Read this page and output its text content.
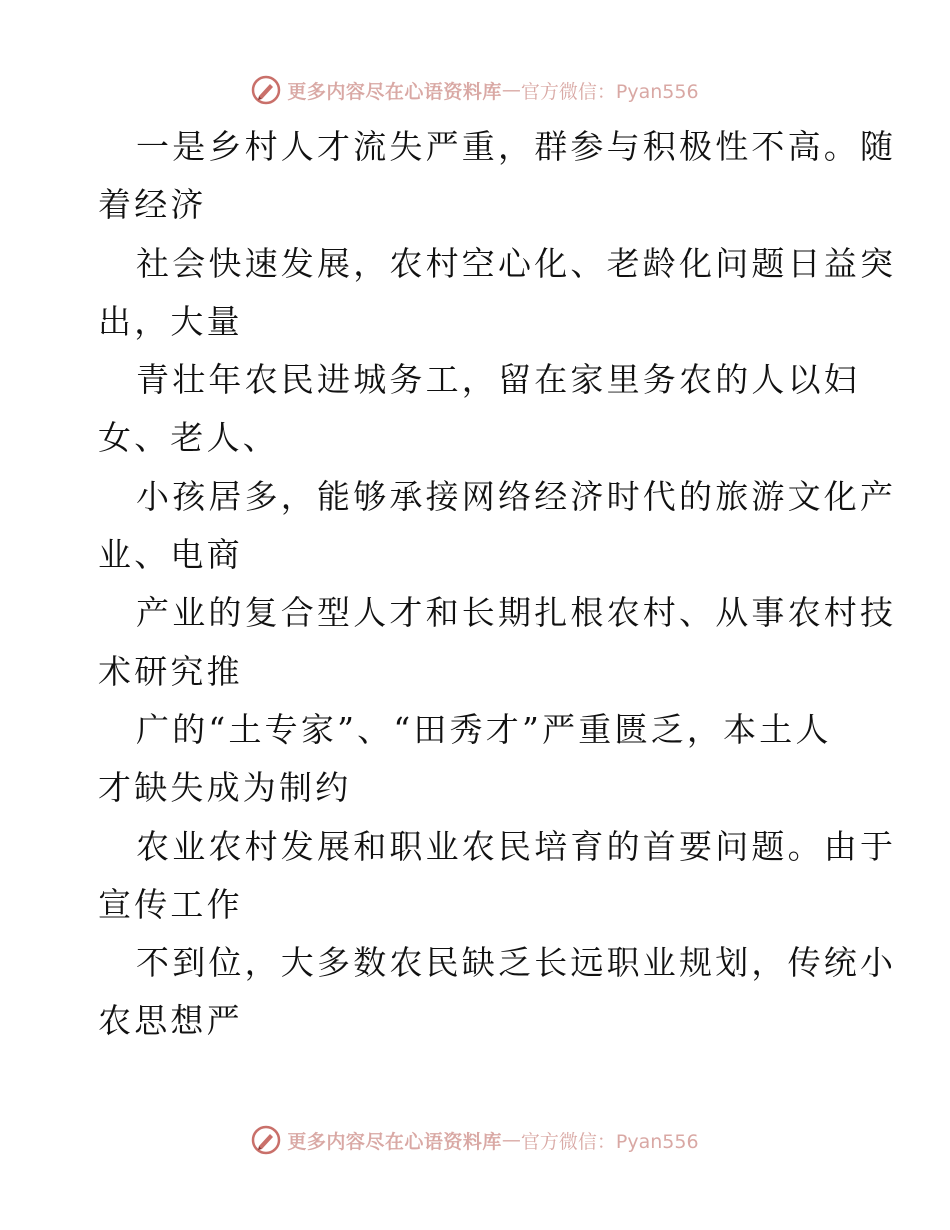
更多内容尽在心语资料库 — 官方微信：Pyan556
一是乡村人才流失严重，群参与积极性不高。随
着经济
社会快速发展，农村空心化、老龄化问题日益突
出，大量
青壮年农民进城务工，留在家里务农的人以妇
女、老人、
小孩居多，能够承接网络经济时代的旅游文化产
业、电商
产业的复合型人才和长期扎根农村、从事农村技
术研究推
广的“土专家”、“田秀才”严重匮乏，本土人
才缺失成为制约
农业农村发展和职业农民培育的首要问题。由于
宣传工作
不到位，大多数农民缺乏长远职业规划，传统小
农思想严
更多内容尽在心语资料库 — 官方微信：Pyan556
